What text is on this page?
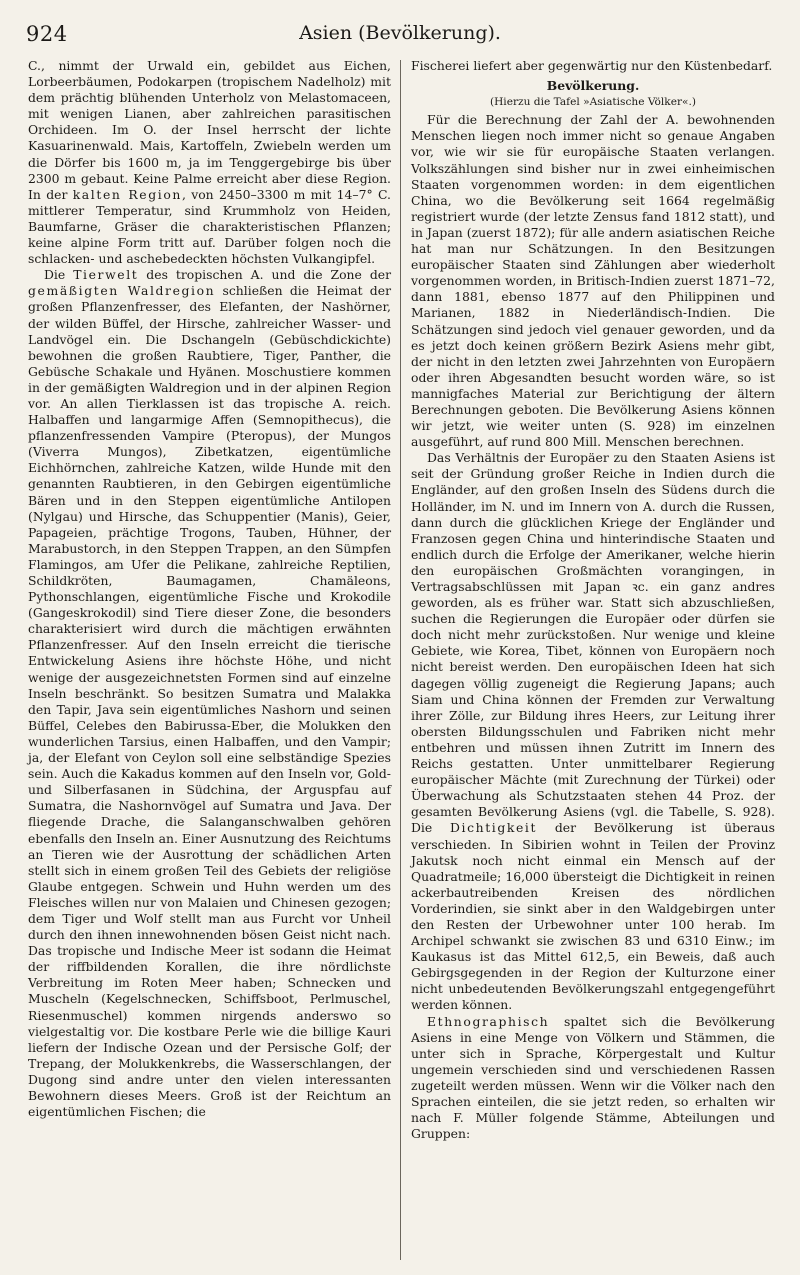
924	Asien (Bevölkerung).

C., nimmt der Urwald ein, gebildet aus Eichen, Lorbeerbäumen, Podokarpen (tropischem Nadelholz) mit dem prächtig blühenden Unterholz von Melastomaceen, mit wenigen Lianen, aber zahlreichen parasitischen Orchideen. Im O. der Insel herrscht der lichte Kasuarinenwald. Mais, Kartoffeln, Zwiebeln werden um die Dörfer bis 1600 m, ja im Tenggergebirge bis über 2300 m gebaut. Keine Palme erreicht aber diese Region. In der kalten Region, von 2450–3300 m mit 14–7° C. mittlerer Temperatur, sind Krummholz von Heiden, Baumfarne, Gräser die charakteristischen Pflanzen; keine alpine Form tritt auf. Darüber folgen noch die schlacken- und aschebedeckten höchsten Vulkangipfel.

Die Tierwelt des tropischen A. und die Zone der gemäßigten Waldregion schließen die Heimat der großen Pflanzenfresser, des Elefanten, der Nashörner, der wilden Büffel, der Hirsche, zahlreicher Wasser- und Landvögel ein. Die Dschangeln (Gebüschdickichte) bewohnen die großen Raubtiere, Tiger, Panther, die Gebüsche Schakale und Hyänen. Moschustiere kommen in der gemäßigten Waldregion und in der alpinen Region vor. An allen Tierklassen ist das tropische A. reich. Halbaffen und langarmige Affen (Semnopithecus), die pflanzenfressenden Vampire (Pteropus), der Mungos (Viverra Mungos), Zibetkatzen, eigentümliche Eichhörnchen, zahlreiche Katzen, wilde Hunde mit den genannten Raubtieren, in den Gebirgen eigentümliche Bären und in den Steppen eigentümliche Antilopen (Nylgau) und Hirsche, das Schuppentier (Manis), Geier, Papageien, prächtige Trogons, Tauben, Hühner, der Marabustorch, in den Steppen Trappen, an den Sümpfen Flamingos, am Ufer die Pelikane, zahlreiche Reptilien, Schildkröten, Baumagamen, Chamäleons, Pythonschlangen, eigentümliche Fische und Krokodile (Gangeskrokodil) sind Tiere dieser Zone, die besonders charakterisiert wird durch die mächtigen erwähnten Pflanzenfresser. Auf den Inseln erreicht die tierische Entwickelung Asiens ihre höchste Höhe, und nicht wenige der ausgezeichnetsten Formen sind auf einzelne Inseln beschränkt. So besitzen Sumatra und Malakka den Tapir, Java sein eigentümliches Nashorn und seinen Büffel, Celebes den Babirussa-Eber, die Molukken den wunderlichen Tarsius, einen Halbaffen, und den Vampir; ja, der Elefant von Ceylon soll eine selbständige Spezies sein. Auch die Kakadus kommen auf den Inseln vor, Gold- und Silberfasanen in Südchina, der Arguspfau auf Sumatra, die Nashornvögel auf Sumatra und Java. Der fliegende Drache, die Salanganschwalben gehören ebenfalls den Inseln an. Einer Ausnutzung des Reichtums an Tieren wie der Ausrottung der schädlichen Arten stellt sich in einem großen Teil des Gebiets der religiöse Glaube entgegen. Schwein und Huhn werden um des Fleisches willen nur von Malaien und Chinesen gezogen; dem Tiger und Wolf stellt man aus Furcht vor Unheil durch den ihnen innewohnenden bösen Geist nicht nach. Das tropische und Indische Meer ist sodann die Heimat der riffbildenden Korallen, die ihre nördlichste Verbreitung im Roten Meer haben; Schnecken und Muscheln (Kegelschnecken, Schiffsboot, Perlmuschel, Riesenmuschel) kommen nirgends anderswo so vielgestaltig vor. Die kostbare Perle wie die billige Kauri liefern der Indische Ozean und der Persische Golf; der Trepang, der Molukkenkrebs, die Wasserschlangen, der Dugong sind andre unter den vielen interessanten Bewohnern dieses Meers. Groß ist der Reichtum an eigentümlichen Fischen; die

Fischerei liefert aber gegenwärtig nur den Küstenbedarf.

Bevölkerung.

(Hierzu die Tafel »Asiatische Völker«.)

Für die Berechnung der Zahl der A. bewohnenden Menschen liegen noch immer nicht so genaue Angaben vor, wie wir sie für europäische Staaten verlangen. Volkszählungen sind bisher nur in zwei einheimischen Staaten vorgenommen worden: in dem eigentlichen China, wo die Bevölkerung seit 1664 regelmäßig registriert wurde (der letzte Zensus fand 1812 statt), und in Japan (zuerst 1872); für alle andern asiatischen Reiche hat man nur Schätzungen. In den Besitzungen europäischer Staaten sind Zählungen aber wiederholt vorgenommen worden, in Britisch-Indien zuerst 1871–72, dann 1881, ebenso 1877 auf den Philippinen und Marianen, 1882 in Niederländisch-Indien. Die Schätzungen sind jedoch viel genauer geworden, und da es jetzt doch keinen größern Bezirk Asiens mehr gibt, der nicht in den letzten zwei Jahrzehnten von Europäern oder ihren Abgesandten besucht worden wäre, so ist mannigfaches Material zur Berichtigung der ältern Berechnungen geboten. Die Bevölkerung Asiens können wir jetzt, wie weiter unten (S. 928) im einzelnen ausgeführt, auf rund 800 Mill. Menschen berechnen.

Das Verhältnis der Europäer zu den Staaten Asiens ist seit der Gründung großer Reiche in Indien durch die Engländer, auf den großen Inseln des Südens durch die Holländer, im N. und im Innern von A. durch die Russen, dann durch die glücklichen Kriege der Engländer und Franzosen gegen China und hinterindische Staaten und endlich durch die Erfolge der Amerikaner, welche hierin den europäischen Großmächten vorangingen, in Vertragsabschlüssen mit Japan ꝛc. ein ganz andres geworden, als es früher war. Statt sich abzuschließen, suchen die Regierungen die Europäer oder dürfen sie doch nicht mehr zurückstoßen. Nur wenige und kleine Gebiete, wie Korea, Tibet, können von Europäern noch nicht bereist werden. Den europäischen Ideen hat sich dagegen völlig zugeneigt die Regierung Japans; auch Siam und China können der Fremden zur Verwaltung ihrer Zölle, zur Bildung ihres Heers, zur Leitung ihrer obersten Bildungsschulen und Fabriken nicht mehr entbehren und müssen ihnen Zutritt im Innern des Reichs gestatten. Unter unmittelbarer Regierung europäischer Mächte (mit Zurechnung der Türkei) oder Überwachung als Schutzstaaten stehen 44 Proz. der gesamten Bevölkerung Asiens (vgl. die Tabelle, S. 928). Die Dichtigkeit der Bevölkerung ist überaus verschieden. In Sibirien wohnt in Teilen der Provinz Jakutsk noch nicht einmal ein Mensch auf der Quadratmeile; 16,000 übersteigt die Dichtigkeit in reinen ackerbautreibenden Kreisen des nördlichen Vorderindien, sie sinkt aber in den Waldgebirgen unter den Resten der Urbewohner unter 100 herab. Im Archipel schwankt sie zwischen 83 und 6310 Einw.; im Kaukasus ist das Mittel 612,5, ein Beweis, daß auch Gebirgsgegenden in der Region der Kulturzone einer nicht unbedeutenden Bevölkerungszahl entgegengeführt werden können.

Ethnographisch spaltet sich die Bevölkerung Asiens in eine Menge von Völkern und Stämmen, die unter sich in Sprache, Körpergestalt und Kultur ungemein verschieden sind und verschiedenen Rassen zugeteilt werden müssen. Wenn wir die Völker nach den Sprachen einteilen, die sie jetzt reden, so erhalten wir nach F. Müller folgende Stämme, Abteilungen und Gruppen:
